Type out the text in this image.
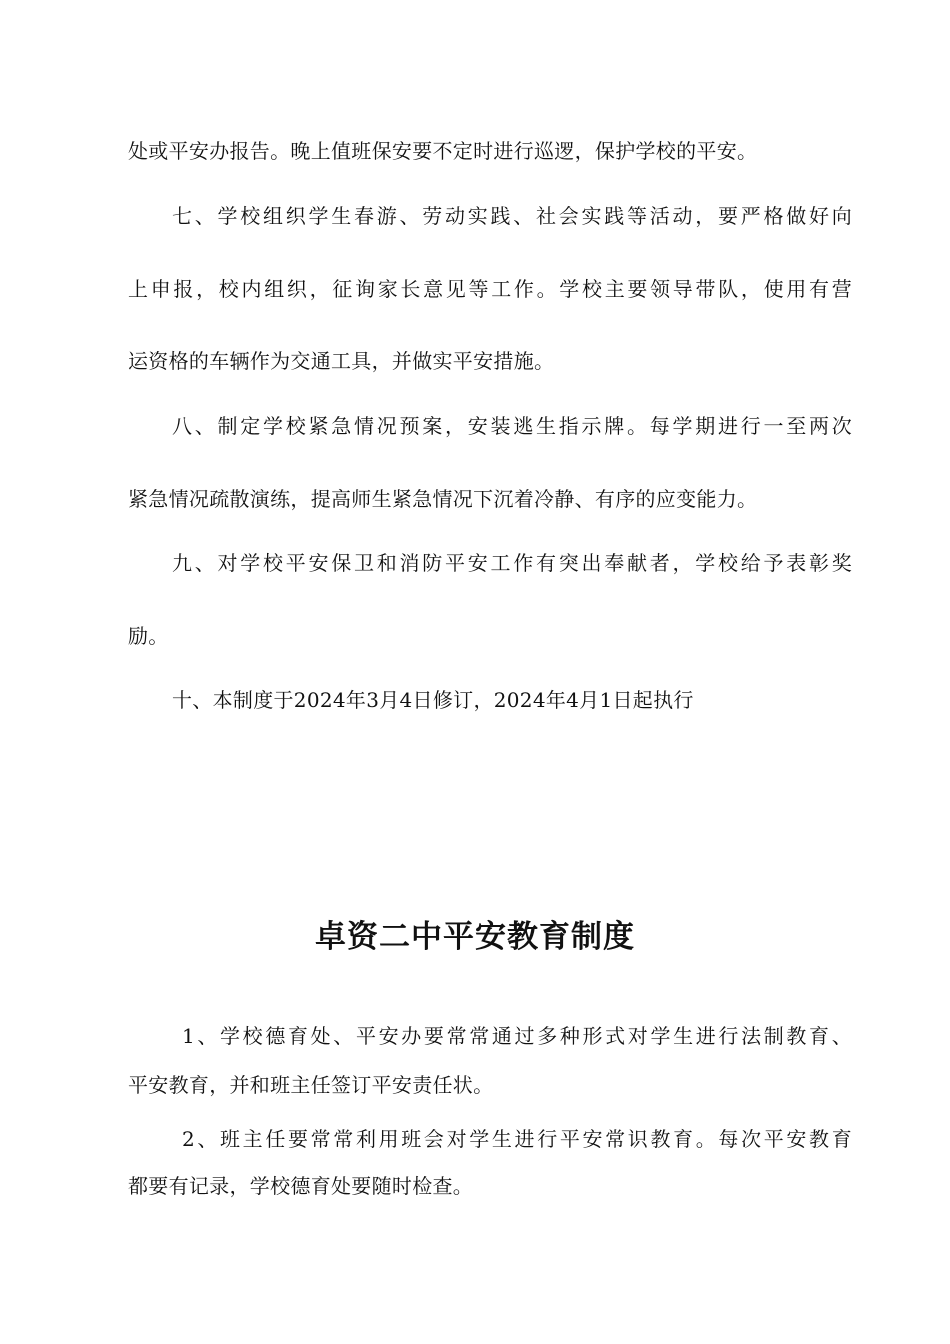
处或平安办报告。晚上值班保安要不定时进行巡逻，保护学校的平安。
七、学校组织学生春游、劳动实践、社会实践等活动，要严格做好向
上申报，校内组织，征询家长意见等工作。学校主要领导带队，使用有营
运资格的车辆作为交通工具，并做实平安措施。
八、制定学校紧急情况预案，安装逃生指示牌。每学期进行一至两次
紧急情况疏散演练，提高师生紧急情况下沉着冷静、有序的应变能力。
九、对学校平安保卫和消防平安工作有突出奉献者，学校给予表彰奖
励。
十、本制度于2024年3月4日修订，2024年4月1日起执行
卓资二中平安教育制度
1、学校德育处、平安办要常常通过多种形式对学生进行法制教育、
平安教育，并和班主任签订平安责任状。
2、班主任要常常利用班会对学生进行平安常识教育。每次平安教育
都要有记录，学校德育处要随时检查。
